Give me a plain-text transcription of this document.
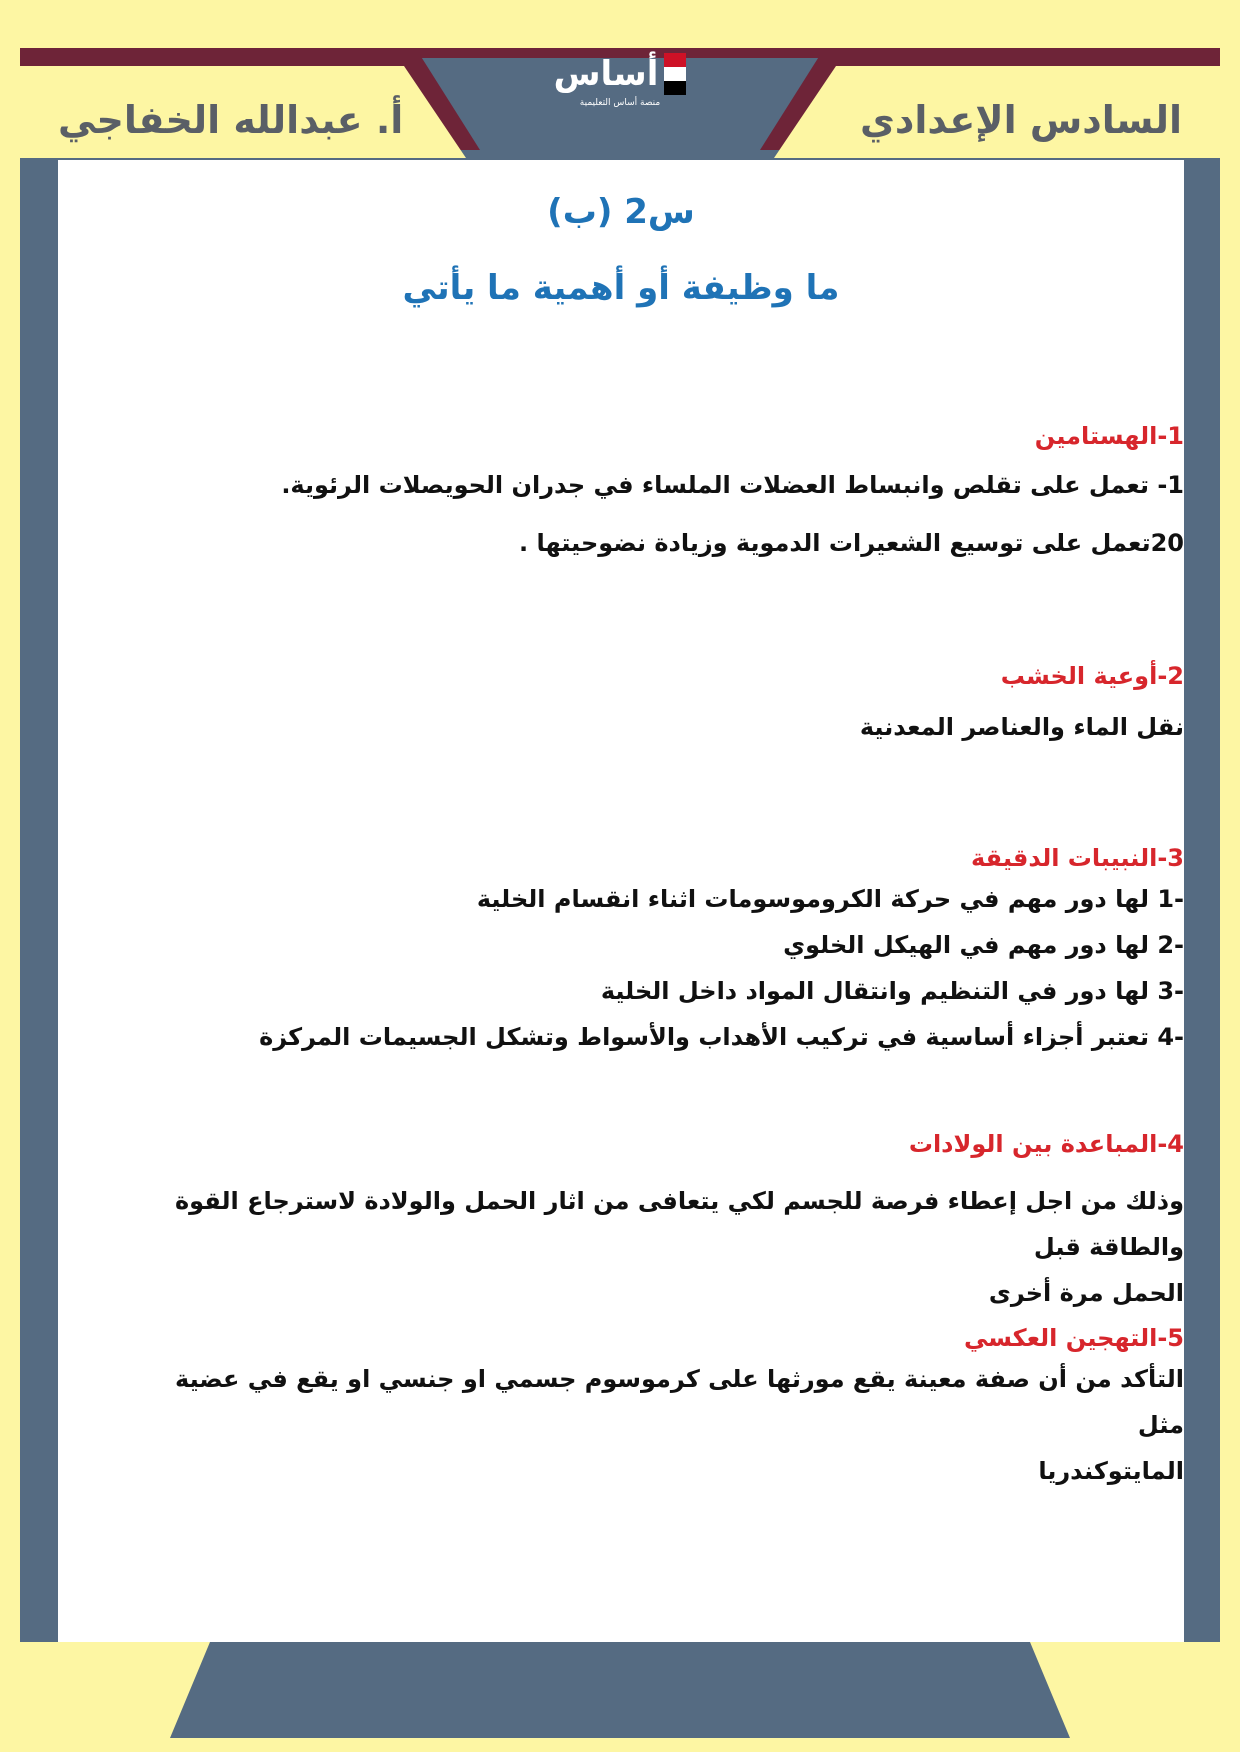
السادس الإعدادي
أ. عبدالله الخفاجي
أساس
منصة أساس التعليمية
س2 (ب)
ما وظيفة أو أهمية ما يأتي
1-الهستامين
1- تعمل على تقلص وانبساط العضلات الملساء في جدران الحويصلات الرئوية.
20تعمل على توسيع الشعيرات الدموية وزيادة نضوحيتها .
2-أوعية الخشب
نقل الماء والعناصر المعدنية
3-النبيبات الدقيقة
-1 لها دور مهم في حركة الكروموسومات اثناء انقسام الخلية
-2 لها دور مهم في الهيكل الخلوي
-3 لها دور في التنظيم وانتقال المواد داخل الخلية
-4 تعتبر أجزاء أساسية في تركيب الأهداب والأسواط وتشكل الجسيمات المركزة
4-المباعدة بين الولادات
وذلك من اجل إعطاء فرصة للجسم لكي يتعافى من اثار الحمل والولادة لاسترجاع القوة والطاقة قبل
الحمل مرة أخرى
5-التهجين العكسي
التأكد من أن صفة معينة يقع مورثها على كرموسوم جسمي او جنسي او يقع في عضية مثل
المايتوكندريا
